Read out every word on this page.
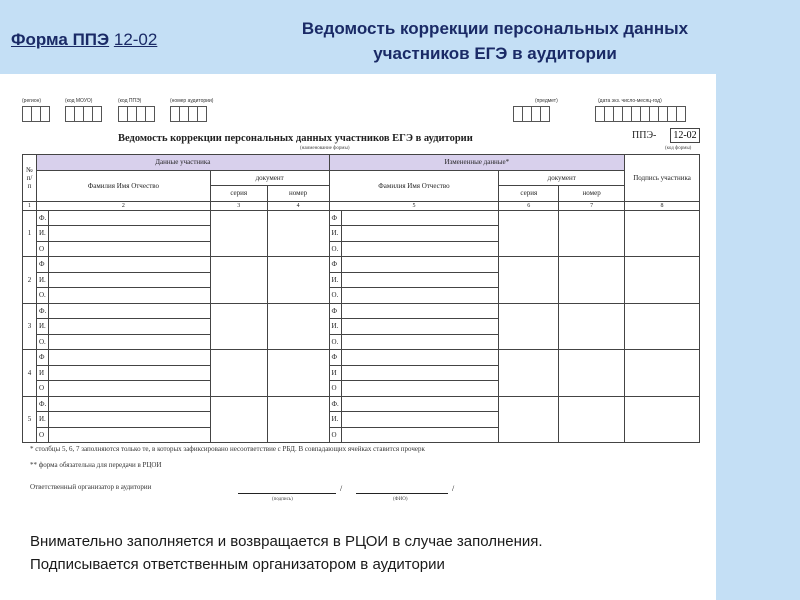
Форма ППЭ 12-02
Ведомость коррекции персональных данных
участников ЕГЭ в аудитории
(регион)	(код МОУО)	(код ППЭ)	(номер аудитории)	(предмет)	(дата экз. число-месяц-год)
Ведомость коррекции персональных данных участников ЕГЭ в аудитории
(наименование формы)
ППЭ-	12-02
(код формы)
№ п/п	Данные участника				Измененные данные*				Подпись участника
	Фамилия Имя Отчество		документ		Фамилия Имя Отчество		документ		
			серия	номер			серия	номер	
1	2		3	4	5		6	7	8
1	Ф.				Ф				
	И.				И.				
	О				О.				
2	Ф				Ф				
	И.				И.				
	О.				О.				
3	Ф.				Ф				
	И.				И.				
	О.				О.				
4	Ф				Ф				
	И				И				
	О				О				
5	Ф.				Ф.				
	И.				И.				
	О				О				
* столбцы 5, 6, 7 заполняются только те, в которых зафиксировано несоответствие с РБД. В совпадающих ячейках ставится прочерк
** форма обязательна для передачи в РЦОИ
Ответственный организатор в аудитории	/	/
(подпись)	(ФИО)
Внимательно заполняется и возвращается в РЦОИ в случае заполнения.
Подписывается ответственным организатором в аудитории
